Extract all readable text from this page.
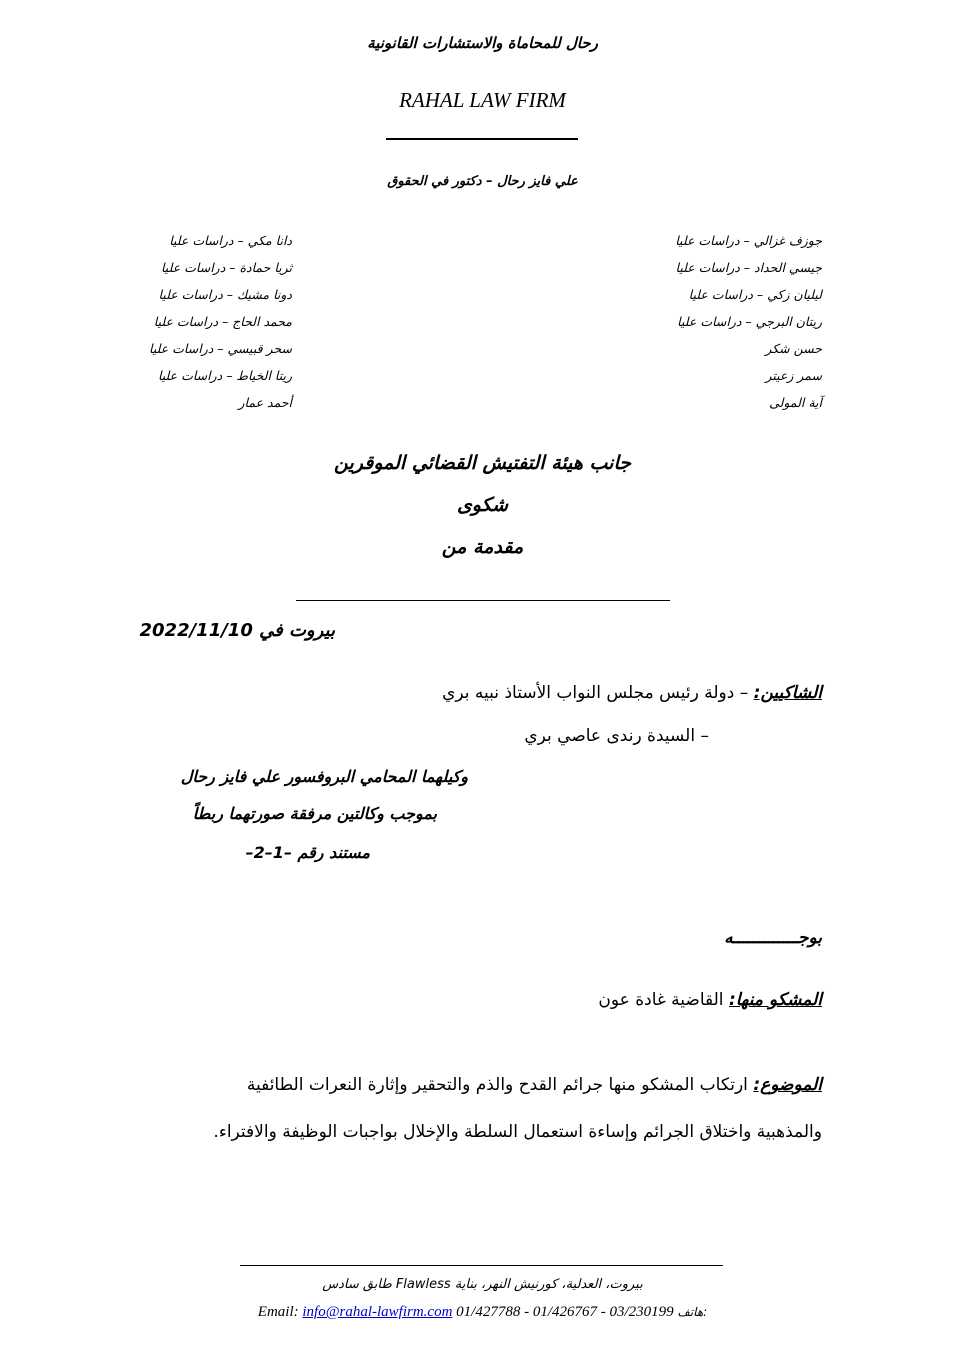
رحال للمحاماة والاستشارات القانونية
RAHAL LAW FIRM
علي فايز رحال – دكتور في الحقوق
جوزف غزالي – دراسات عليا
جيسي الحداد – دراسات عليا
ليليان زكي – دراسات عليا
ريتان البرجي – دراسات عليا
حسن شكر
سمر زعيتر
آية المولى
دانا مكي – دراسات عليا
ثريا حمادة – دراسات عليا
دونا مشيك – دراسات عليا
محمد الحاج – دراسات عليا
سحر قبيسي – دراسات عليا
ريتا الخياط – دراسات عليا
أحمد عمار
جانب هيئة التفتيش القضائي الموقرين
شكوى
مقدمة من
بيروت في 2022/11/10
الشاكيين: – دولة رئيس مجلس النواب الأستاذ نبيه بري
– السيدة رندى عاصي بري
وكيلهما المحامي البروفسور علي فايز رحال
بموجب وكالتين مرفقة صورتهما ربطاً
مستند رقم –1–2–
بوجـــــــــــــه
المشكو منها: القاضية غادة عون
الموضوع: ارتكاب المشكو منها جرائم القدح والذم والتحقير وإثارة النعرات الطائفية
والمذهبية واختلاق الجرائم وإساءة استعمال السلطة والإخلال بواجبات الوظيفة والافتراء.
بيروت، العدلية، كورنيش النهر، بناية Flawless طابق سادس
Email: info@rahal-lawfirm.com 01/427788 - 01/426767 - 03/230199 هاتف:
